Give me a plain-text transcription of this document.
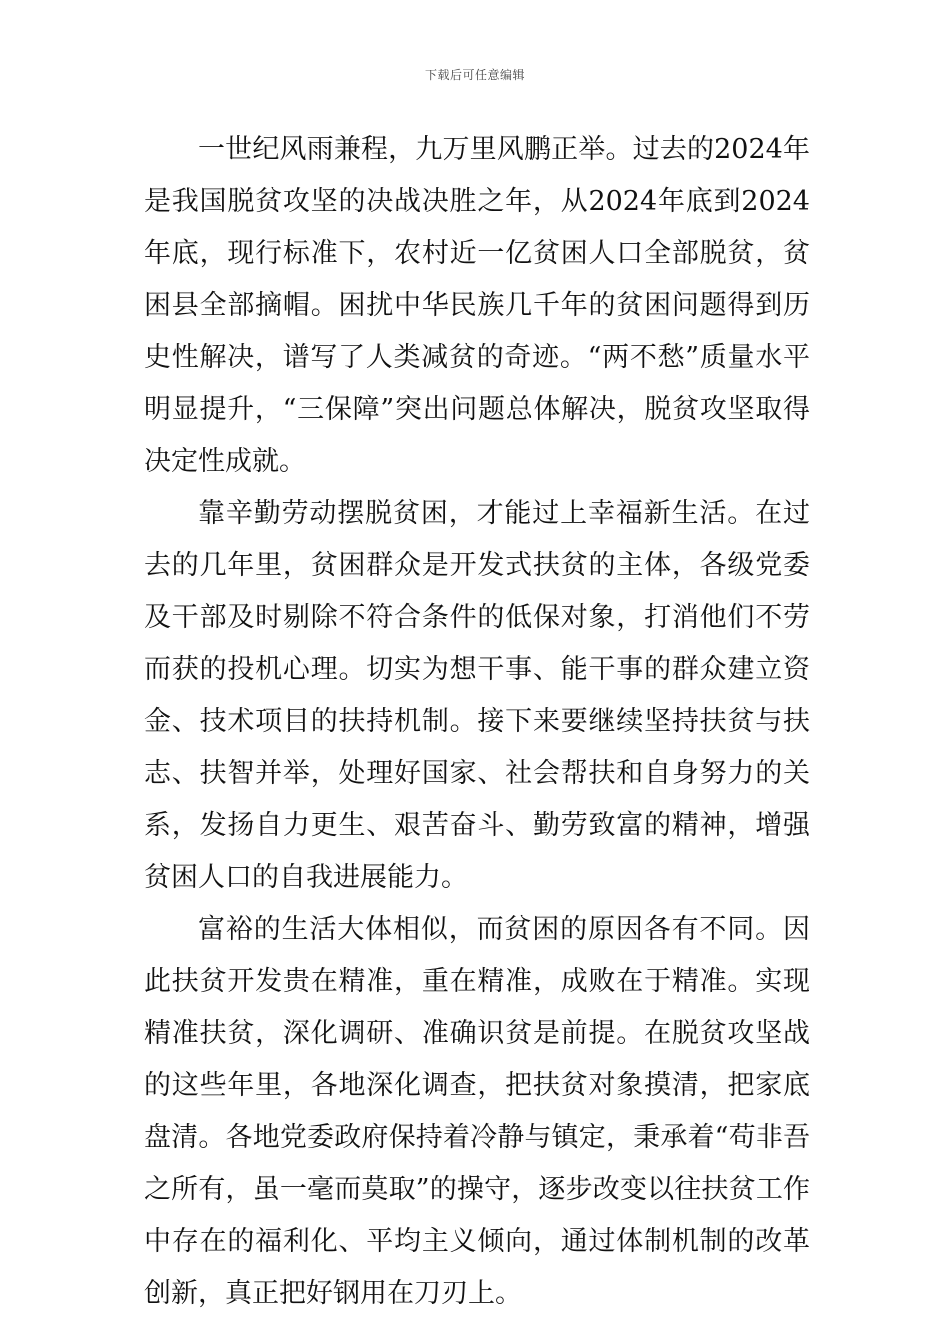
下载后可任意编辑

一世纪风雨兼程，九万里风鹏正举。过去的2024年是我国脱贫攻坚的决战决胜之年，从2024年底到2024年底，现行标准下，农村近一亿贫困人口全部脱贫，贫困县全部摘帽。困扰中华民族几千年的贫困问题得到历史性解决，谱写了人类减贫的奇迹。“两不愁”质量水平明显提升，“三保障”突出问题总体解决，脱贫攻坚取得决定性成就。

靠辛勤劳动摆脱贫困，才能过上幸福新生活。在过去的几年里，贫困群众是开发式扶贫的主体，各级党委及干部及时剔除不符合条件的低保对象，打消他们不劳而获的投机心理。切实为想干事、能干事的群众建立资金、技术项目的扶持机制。接下来要继续坚持扶贫与扶志、扶智并举，处理好国家、社会帮扶和自身努力的关系，发扬自力更生、艰苦奋斗、勤劳致富的精神，增强贫困人口的自我进展能力。

富裕的生活大体相似，而贫困的原因各有不同。因此扶贫开发贵在精准，重在精准，成败在于精准。实现精准扶贫，深化调研、准确识贫是前提。在脱贫攻坚战的这些年里，各地深化调查，把扶贫对象摸清，把家底盘清。各地党委政府保持着冷静与镇定，秉承着“苟非吾之所有，虽一毫而莫取”的操守，逐步改变以往扶贫工作中存在的福利化、平均主义倾向，通过体制机制的改革创新，真正把好钢用在刀刃上。
